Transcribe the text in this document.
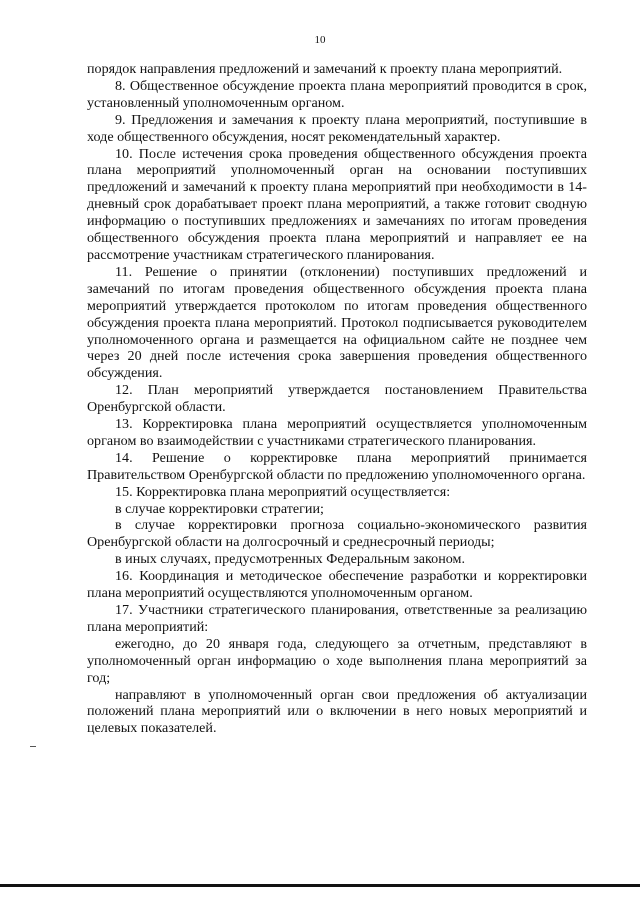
10

порядок направления предложений и замечаний к проекту плана мероприятий.

8. Общественное обсуждение проекта плана мероприятий проводится в срок, установленный уполномоченным органом.

9. Предложения и замечания к проекту плана мероприятий, поступившие в ходе общественного обсуждения, носят рекомендательный характер.

10. После истечения срока проведения общественного обсуждения проекта плана мероприятий уполномоченный орган на основании поступивших предложений и замечаний к проекту плана мероприятий при необходимости в 14-дневный срок дорабатывает проект плана мероприятий, а также готовит сводную информацию о поступивших предложениях и замечаниях по итогам проведения общественного обсуждения проекта плана мероприятий и направляет ее на рассмотрение участникам стратегического планирования.

11. Решение о принятии (отклонении) поступивших предложений и замечаний по итогам проведения общественного обсуждения проекта плана мероприятий утверждается протоколом по итогам проведения общественного обсуждения проекта плана мероприятий. Протокол подписывается руководителем уполномоченного органа и размещается на официальном сайте не позднее чем через 20 дней после истечения срока завершения проведения общественного обсуждения.

12. План мероприятий утверждается постановлением Правительства Оренбургской области.

13. Корректировка плана мероприятий осуществляется уполномоченным органом во взаимодействии с участниками стратегического планирования.

14. Решение о корректировке плана мероприятий принимается Правительством Оренбургской области по предложению уполномоченного органа.

15. Корректировка плана мероприятий осуществляется:

в случае корректировки стратегии;

в случае корректировки прогноза социально-экономического развития Оренбургской области на долгосрочный и среднесрочный периоды;

в иных случаях, предусмотренных Федеральным законом.

16. Координация и методическое обеспечение разработки и корректировки плана мероприятий осуществляются уполномоченным органом.

17. Участники стратегического планирования, ответственные за реализацию плана мероприятий:

ежегодно, до 20 января года, следующего за отчетным, представляют в уполномоченный орган информацию о ходе выполнения плана мероприятий за год;

направляют в уполномоченный орган свои предложения об актуализации положений плана мероприятий или о включении в него новых мероприятий и целевых показателей.
